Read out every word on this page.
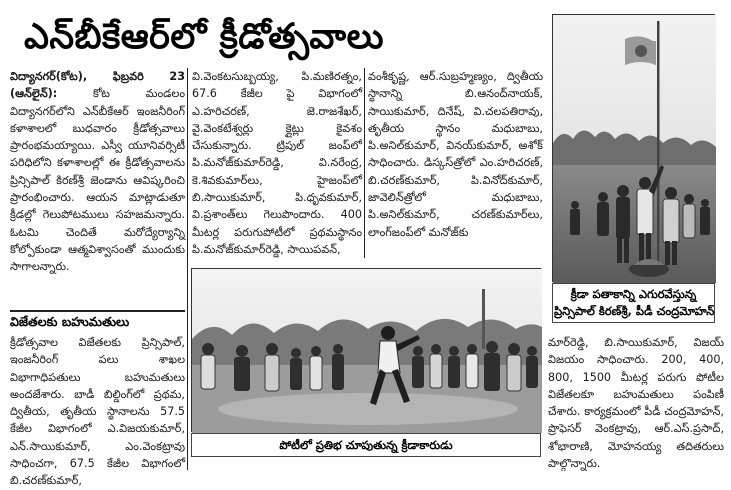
ఎన్‌బీకేఆర్‌లో క్రీడోత్సవాలు

విద్యానగర్(కోట), ఫిబ్రవరి 23 (ఆన్‌లైన్):	కోట మండలం విద్యానగర్‌లోని ఎన్‌బీకేఆర్ ఇంజనీరింగ్ కళాశాలలో బుధవారం క్రీడోత్సవాలు ప్రారంభమయ్యాయి. ఎస్వీ యూనివర్సిటీ పరిధిలోని కళాశాలల్లో ఈ క్రీడోత్సవాలను ప్రిన్సిపాల్ కిరణ్‌శ్రీ జెండాను ఆవిష్కరించి ప్రారంభించారు. ఆయన మాట్లాడుతూ క్రీడల్లో గెలుపోటములు సహజమన్నారు. ఓటమి చెందితే మరోద్యేర్యాన్ని కోల్పోకుండా ఆత్మవిశ్వాసంతో ముందుకు సాగాలన్నారు.

విజేతలకు బహుమతులు
క్రీడోత్సవాల విజేతలకు ప్రిన్సిపాల్, ఇంజనీరింగ్ పలు శాఖల విభాగాధిపతులు బహుమతులు అందజేశారు. బాడీ బిల్డింగ్‌లో ప్రథమ, ద్వితీయ, తృతీయ స్థానాలను 57.5 కేజీల విభాగంలో ఎ.విజయకుమార్, ఎన్.సాయికుమార్, ఎం.వెంకట్రావు సాధించగా, 67.5 కేజీల విభాగంలో బి.చరణ్‌కుమార్,
వి.వెంకటసుబ్బయ్య, పి.మణిరత్నం, 67.6 కేజీల పై విభాగంలో ఎ.హరిచరణ్, జె.రాజశేఖర్, వై.వెంకటేశ్వర్లు క్లైట్లు కైవశం చేసుకున్నారు. ట్రిపుల్ జంప్‌లో పి.మనోజ్‌కుమార్‌రెడ్డి, వి.నరేంద్ర, కె.శివకుమార్‌లు, హైజంప్‌లో బి.సాయికుమార్, పి.ధృవకుమార్, వి.ప్రశాంత్‌లు గెలుపొందారు. 400 మీటర్ల పరుగుపోటీలో ప్రథమస్థానం పి.మనోజ్‌కుమార్‌రెడ్డి, సాయిపవన్,
వంశీకృష్ణ, ఆర్.సుబ్రహ్మణ్యం, ద్వితీయ స్థానాన్ని బి.ఆనంద్‌నాయక్, సాయికుమార్, దినేష్, వి.చలపతిరావు, తృతీయ స్థానం మధుబాబు, పి.అనిల్‌కుమార్, వినయ్‌కుమార్, అశోక్ సాధించారు. డిస్కస్‌త్రోలో ఎం.హరిచరణ్, బి.చరణ్‌కుమార్, పి.వినోద్‌కుమార్, జావెలిన్‌త్రోలో మధుబాబు, పి.అనిల్‌కుమార్, చరణ్‌కుమార్‌లు, లాంగ్‌జంప్‌లో మనోజ్‌కు
మార్‌రెడ్డి, బి.సాయికుమార్, విజయ్ విజయం సాధించారు. 200, 400, 800, 1500 మీటర్ల పరుగు పోటీల విజేతలకూ బహుమతులు పంపిణీ చేశారు. కార్యక్రమంలో పీడీ చంద్రమోహన్, ప్రొఫెసర్ వెంకట్రావు, ఆర్.ఎస్.ప్రసాద్, శోభారాణి, మోహనయ్య తదితరులు పాల్గొన్నారు.
క్రీడా పతాకాన్ని ఎగురవేస్తున్న
ప్రిన్సిపాల్ కిరణ్‌శ్రీ, పీడీ చంద్రమోహన్
పోటీలో ప్రతిభ చూపుతున్న క్రీడాకారుడు
